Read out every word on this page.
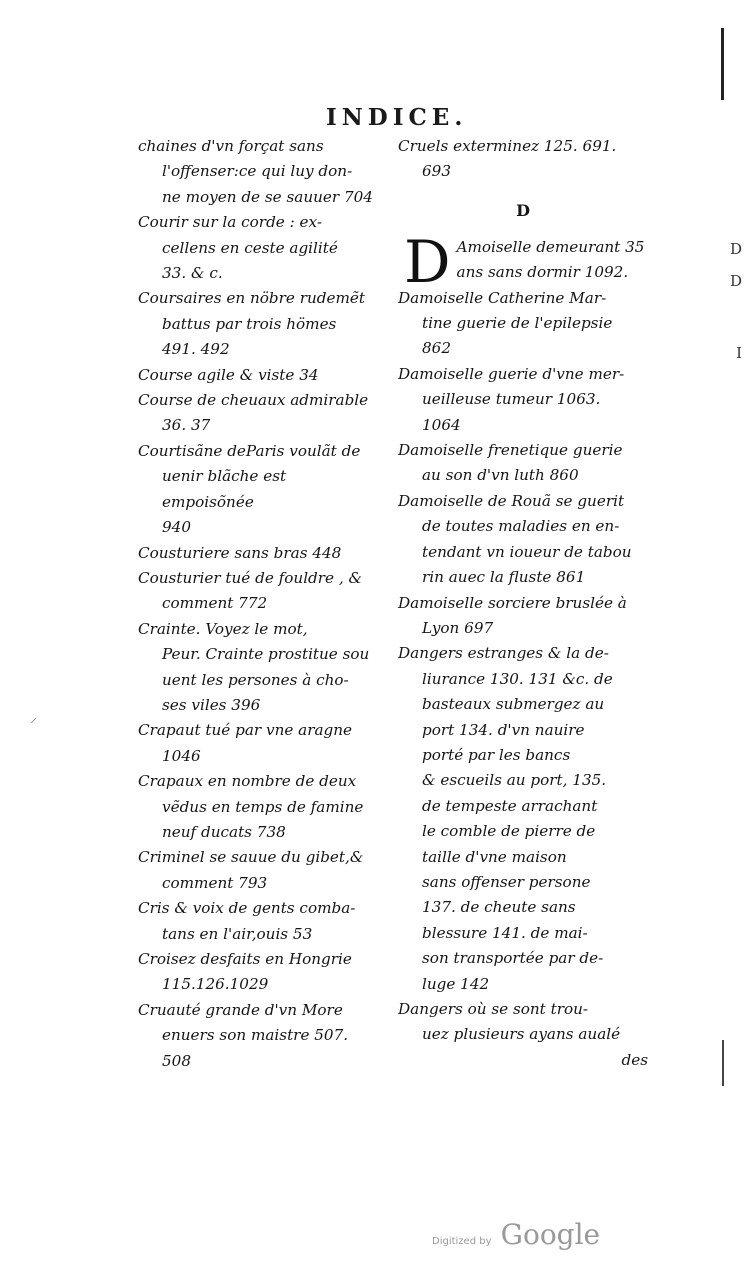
INDICE.
chaines d'vn forçat sans
l'offenser:ce qui luy don-
ne moyen de se sauuer 704
Courir sur la corde : ex-
cellens en ceste agilité
33. & c.
Coursaires en nöbre rudemẽt
battus par trois hömes
491. 492
Course agile & viste 34
Course de cheuaux admirable
36. 37
Courtisãne deParis voulãt de
uenir blãche est empoisõnée
940
Cousturiere sans bras 448
Cousturier tué de fouldre , &
comment 772
Crainte. Voyez le mot,
Peur. Crainte prostitue sou
uent les persones à cho-
ses viles 396
Crapaut tué par vne aragne
1046
Crapaux en nombre de deux
vẽdus en temps de famine
neuf ducats 738
Criminel se sauue du gibet,&
comment 793
Cris & voix de gents comba-
tans en l'air,ouis 53
Croisez desfaits en Hongrie
115.126.1029
Cruauté grande d'vn More
enuers son maistre 507.
508
Cruels exterminez 125. 691.
693
D
D Amoiselle demeurant 35
ans sans dormir 1092.
Damoiselle Catherine Mar-
tine guerie de l'epilepsie
862
Damoiselle guerie d'vne mer-
ueilleuse tumeur 1063.
1064
Damoiselle frenetique guerie
au son d'vn luth 860
Damoiselle de Rouã se guerit
de toutes maladies en en-
tendant vn ioueur de tabou
rin auec la fluste 861
Damoiselle sorciere bruslée à
Lyon 697
Dangers estranges & la de-
liurance 130. 131 &c. de
basteaux submergez au
port 134. d'vn nauire
porté par les bancs
& escueils au port, 135.
de tempeste arrachant
le comble de pierre de
taille d'vne maison
sans offenser persone
137. de cheute sans
blessure 141. de mai-
son transportée par de-
luge 142
Dangers où se sont trou-
uez plusieurs ayans aualé
des
D
D
I
⸝
Digitized by Google
